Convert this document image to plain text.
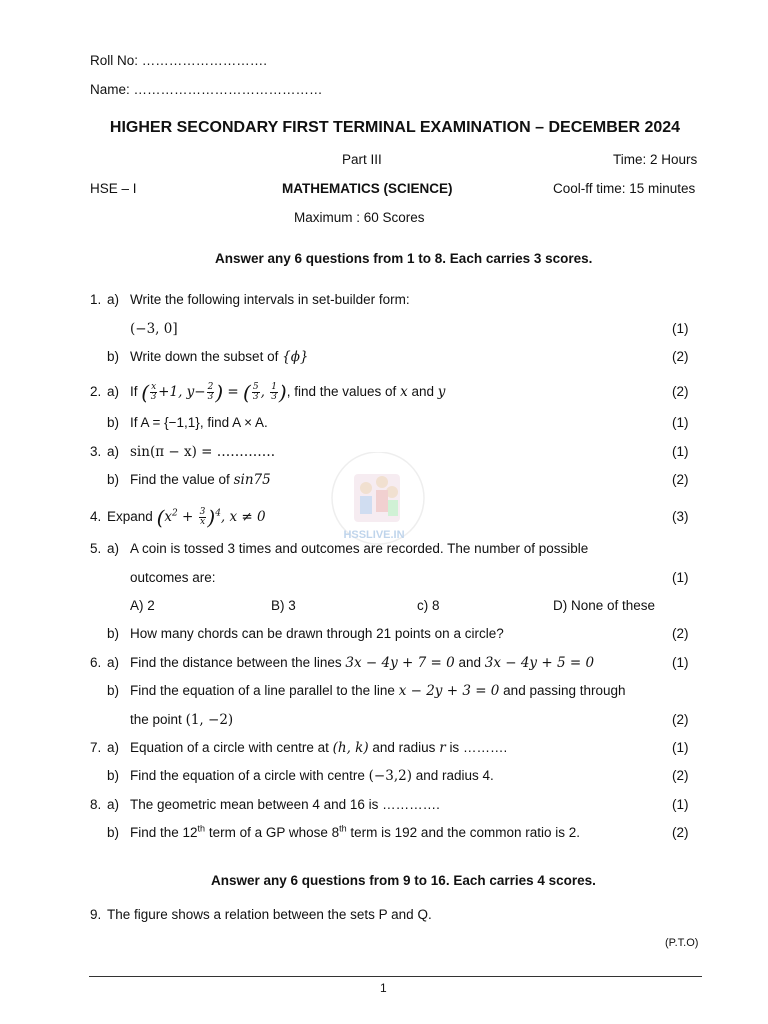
Roll No: ……………………….
Name: ……………………………………
HIGHER SECONDARY FIRST TERMINAL EXAMINATION – DECEMBER 2024
Part III	Time: 2 Hours
HSE – I	MATHEMATICS (SCIENCE)	Cool-ff time: 15 minutes
Maximum : 60 Scores
Answer any 6 questions from 1 to 8. Each carries 3 scores.
1. a) Write the following intervals in set-builder form:
(−3, 0]	(1)
b) Write down the subset of {ϕ}	(2)
2. a) If ( $\frac{x}{3} +1$, $y- \frac{2}{3}$ ) = ( $\frac{5}{3}$ , $\frac{1}{3}$ ), find the values of x and y	(2)
b) If A = {−1,1}, find A × A.	(1)
3. a) sin(π − x) = ………….	(1)
b) Find the value of sin75	(2)
4. Expand $(x^2 + \frac{3}{x} )^4$, x ≠ 0	(3)
5. a) A coin is tossed 3 times and outcomes are recorded. The number of possible
outcomes are:	(1)
A) 2	B) 3	c) 8	D) None of these
b) How many chords can be drawn through 21 points on a circle?	(2)
6. a) Find the distance between the lines 3x − 4y + 7 = 0 and 3x − 4y + 5 = 0	(1)
b) Find the equation of a line parallel to the line x − 2y + 3 = 0 and passing through
the point (1, −2)	(2)
7. a) Equation of a circle with centre at (h, k) and radius r is ……….	(1)
b) Find the equation of a circle with centre (−3,2) and radius 4.	(2)
8. a) The geometric mean between 4 and 16 is ………….	(1)
b) Find the 12th term of a GP whose 8th term is 192 and the common ratio is 2.	(2)
Answer any 6 questions from 9 to 16. Each carries 4 scores.
9. The figure shows a relation between the sets P and Q.
(P.T.O)
1
HSSLIVE.IN
